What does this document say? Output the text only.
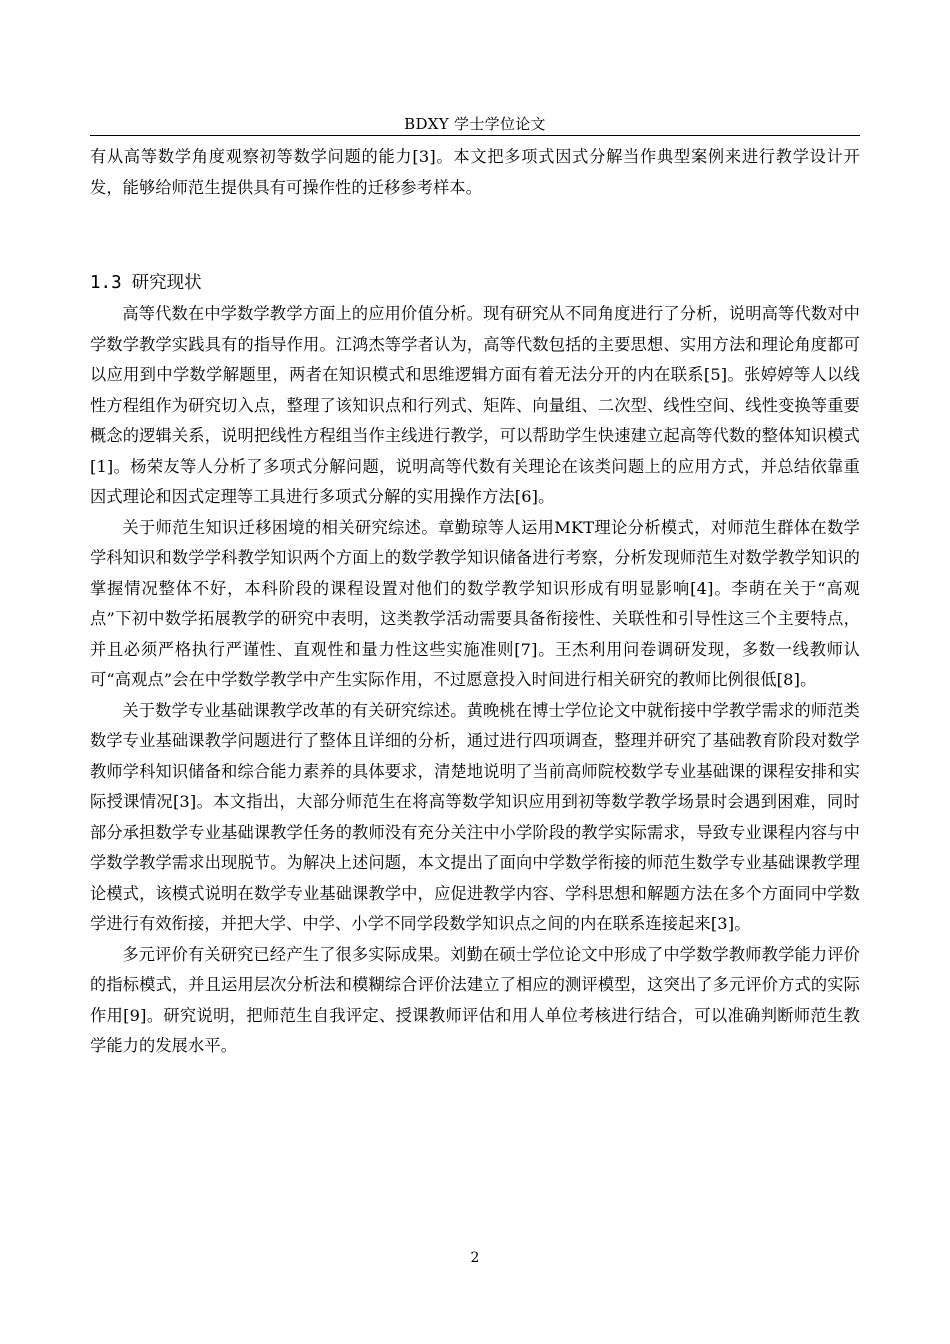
BDXY 学士学位论文

有从高等数学角度观察初等数学问题的能力[3]。本文把多项式因式分解当作典型案例来进行教学设计开发，能够给师范生提供具有可操作性的迁移参考样本。

1.3 研究现状

高等代数在中学数学教学方面上的应用价值分析。现有研究从不同角度进行了分析，说明高等代数对中学数学教学实践具有的指导作用。江鸿杰等学者认为，高等代数包括的主要思想、实用方法和理论角度都可以应用到中学数学解题里，两者在知识模式和思维逻辑方面有着无法分开的内在联系[5]。张婷婷等人以线性方程组作为研究切入点，整理了该知识点和行列式、矩阵、向量组、二次型、线性空间、线性变换等重要概念的逻辑关系，说明把线性方程组当作主线进行教学，可以帮助学生快速建立起高等代数的整体知识模式[1]。杨荣友等人分析了多项式分解问题，说明高等代数有关理论在该类问题上的应用方式，并总结依靠重因式理论和因式定理等工具进行多项式分解的实用操作方法[6]。

关于师范生知识迁移困境的相关研究综述。章勤琼等人运用MKT理论分析模式，对师范生群体在数学学科知识和数学学科教学知识两个方面上的数学教学知识储备进行考察，分析发现师范生对数学教学知识的掌握情况整体不好，本科阶段的课程设置对他们的数学教学知识形成有明显影响[4]。李萌在关于“高观点”下初中数学拓展教学的研究中表明，这类教学活动需要具备衔接性、关联性和引导性这三个主要特点，并且必须严格执行严谨性、直观性和量力性这些实施准则[7]。王杰利用问卷调研发现，多数一线教师认可“高观点”会在中学数学教学中产生实际作用，不过愿意投入时间进行相关研究的教师比例很低[8]。

关于数学专业基础课教学改革的有关研究综述。黄晚桃在博士学位论文中就衔接中学教学需求的师范类数学专业基础课教学问题进行了整体且详细的分析，通过进行四项调查，整理并研究了基础教育阶段对数学教师学科知识储备和综合能力素养的具体要求，清楚地说明了当前高师院校数学专业基础课的课程安排和实际授课情况[3]。本文指出，大部分师范生在将高等数学知识应用到初等数学教学场景时会遇到困难，同时部分承担数学专业基础课教学任务的教师没有充分关注中小学阶段的教学实际需求，导致专业课程内容与中学数学教学需求出现脱节。为解决上述问题，本文提出了面向中学数学衔接的师范生数学专业基础课教学理论模式，该模式说明在数学专业基础课教学中，应促进教学内容、学科思想和解题方法在多个方面同中学数学进行有效衔接，并把大学、中学、小学不同学段数学知识点之间的内在联系连接起来[3]。

多元评价有关研究已经产生了很多实际成果。刘勤在硕士学位论文中形成了中学数学教师教学能力评价的指标模式，并且运用层次分析法和模糊综合评价法建立了相应的测评模型，这突出了多元评价方式的实际作用[9]。研究说明，把师范生自我评定、授课教师评估和用人单位考核进行结合，可以准确判断师范生教学能力的发展水平。

2
